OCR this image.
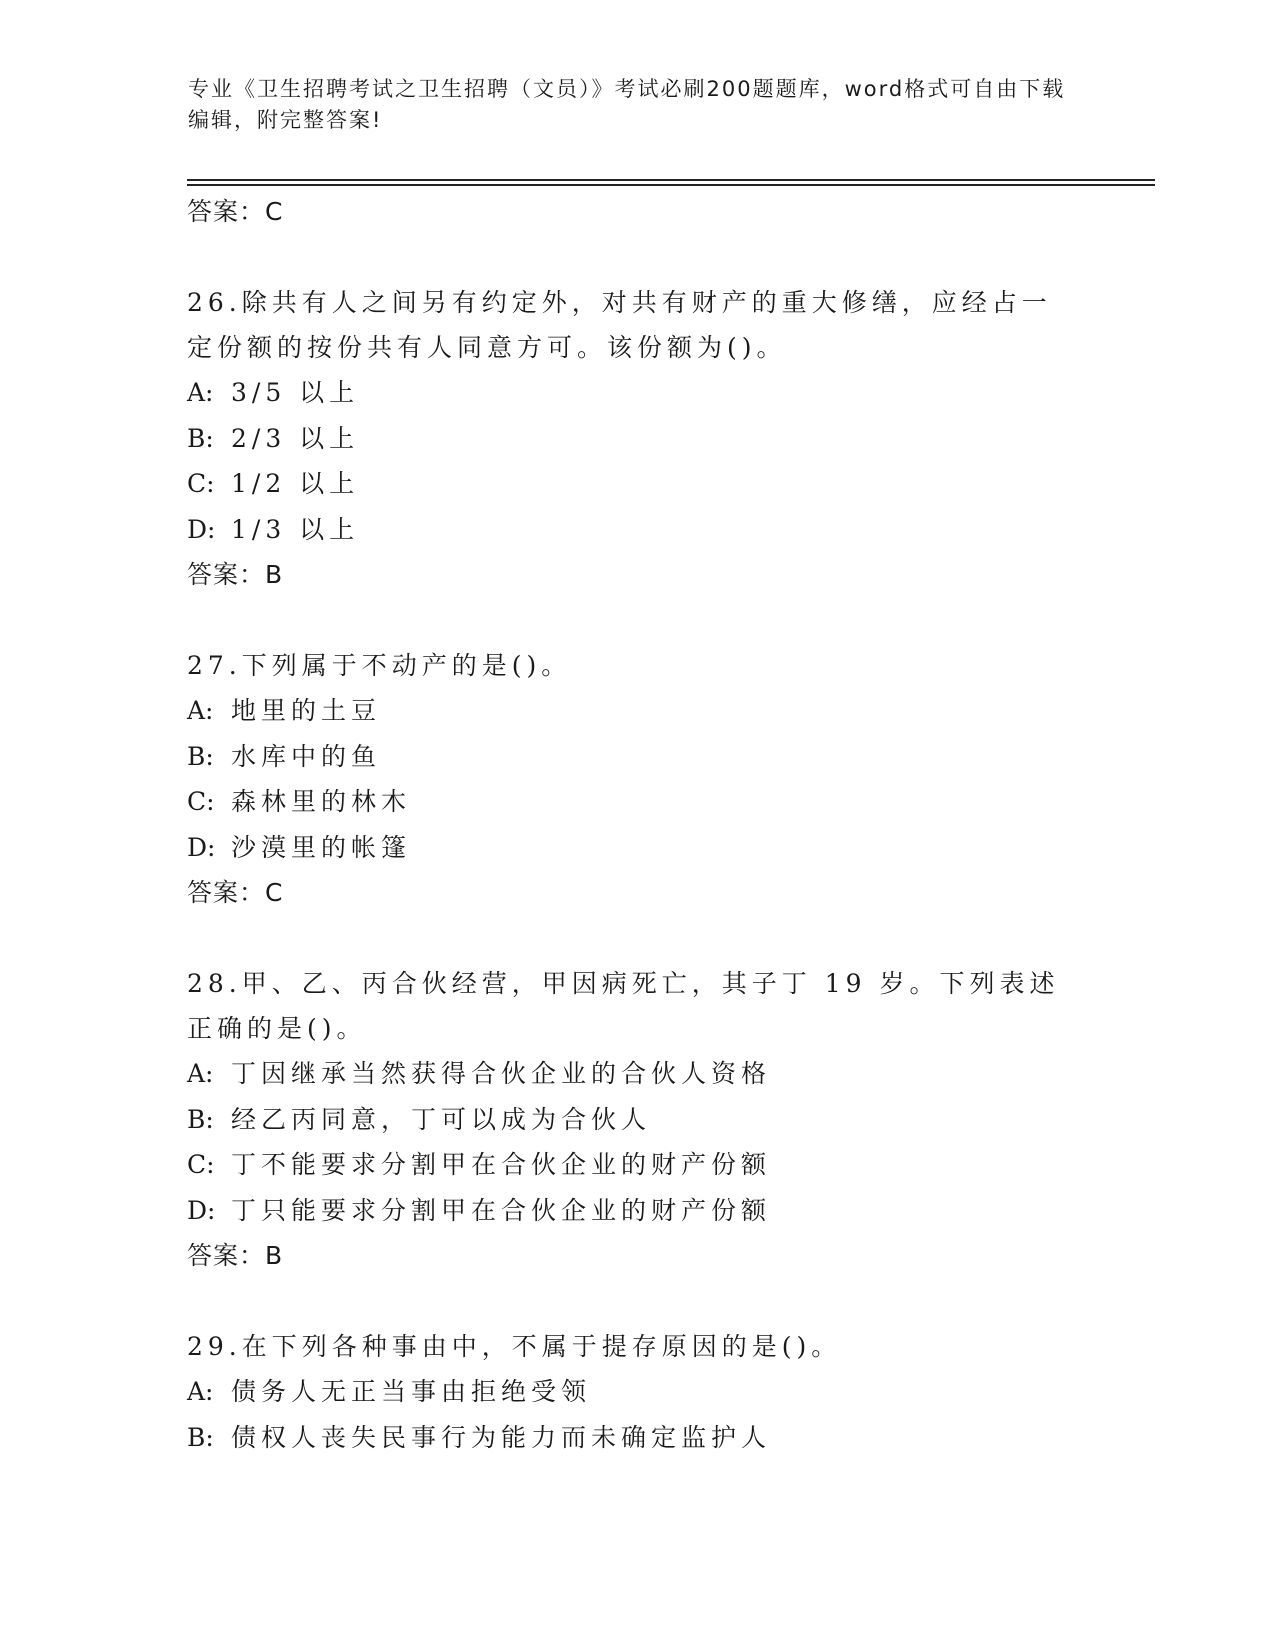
专业《卫生招聘考试之卫生招聘（文员）》考试必刷200题题库，word格式可自由下载编辑，附完整答案!
答案：C
26.除共有人之间另有约定外，对共有财产的重大修缮，应经占一定份额的按份共有人同意方可。该份额为()。
A: 3/5 以上
B: 2/3 以上
C: 1/2 以上
D: 1/3 以上
答案：B
27.下列属于不动产的是()。
A: 地里的土豆
B: 水库中的鱼
C: 森林里的林木
D: 沙漠里的帐篷
答案：C
28.甲、乙、丙合伙经营，甲因病死亡，其子丁 19 岁。下列表述正确的是()。
A: 丁因继承当然获得合伙企业的合伙人资格
B: 经乙丙同意，丁可以成为合伙人
C: 丁不能要求分割甲在合伙企业的财产份额
D: 丁只能要求分割甲在合伙企业的财产份额
答案：B
29.在下列各种事由中，不属于提存原因的是()。
A: 债务人无正当事由拒绝受领
B: 债权人丧失民事行为能力而未确定监护人
